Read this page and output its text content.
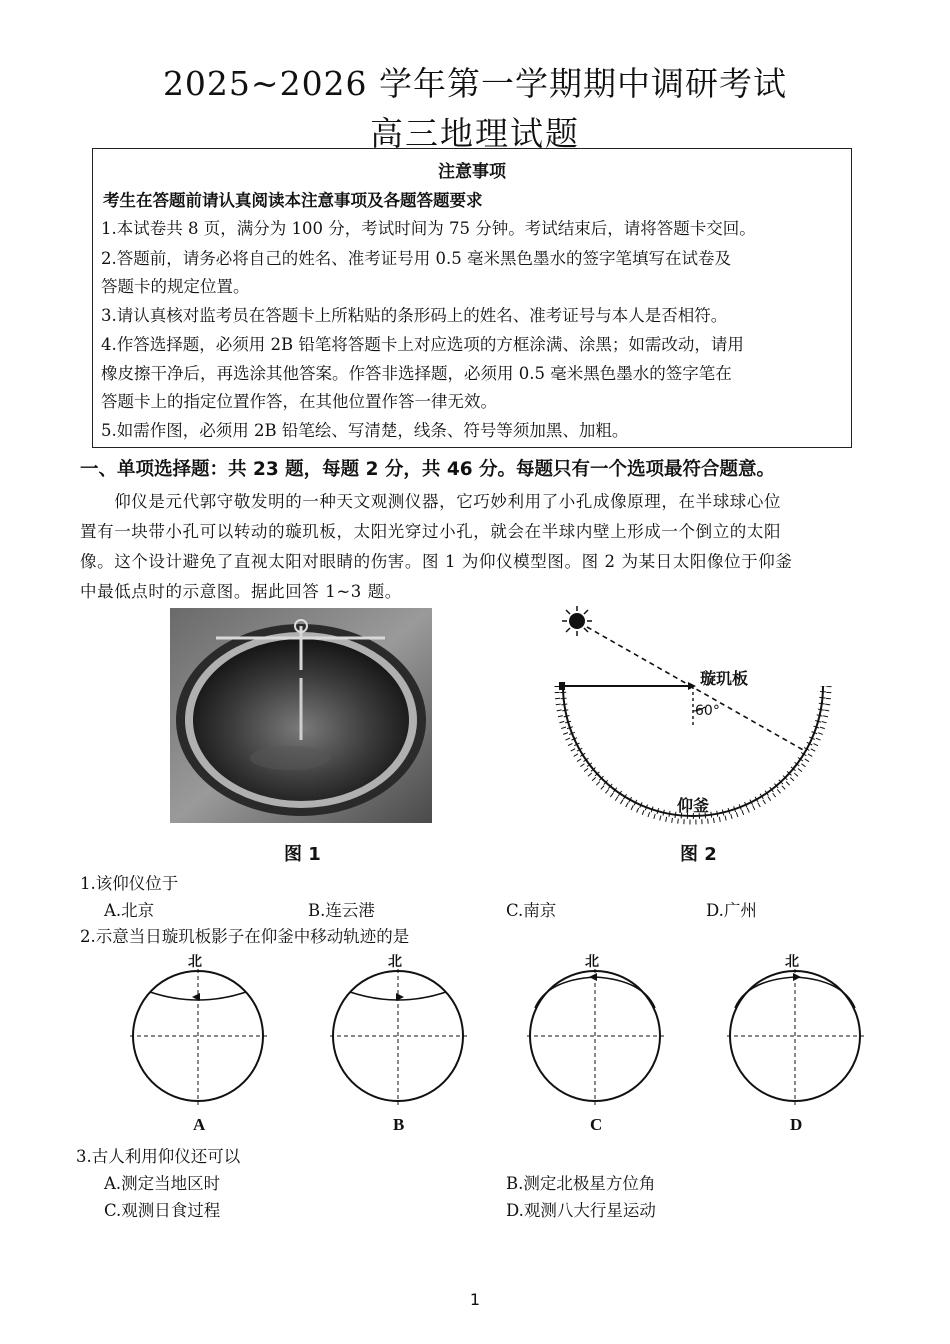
2025~2026 学年第一学期期中调研考试
高三地理试题
注意事项
考生在答题前请认真阅读本注意事项及各题答题要求
1.本试卷共 8 页，满分为 100 分，考试时间为 75 分钟。考试结束后，请将答题卡交回。
2.答题前，请务必将自己的姓名、准考证号用 0.5 毫米黑色墨水的签字笔填写在试卷及
答题卡的规定位置。
3.请认真核对监考员在答题卡上所粘贴的条形码上的姓名、准考证号与本人是否相符。
4.作答选择题，必须用 2B 铅笔将答题卡上对应选项的方框涂满、涂黑；如需改动，请用
橡皮擦干净后，再选涂其他答案。作答非选择题，必须用 0.5 毫米黑色墨水的签字笔在
答题卡上的指定位置作答，在其他位置作答一律无效。
5.如需作图，必须用 2B 铅笔绘、写清楚，线条、符号等须加黑、加粗。
一、单项选择题：共 23 题，每题 2 分，共 46 分。每题只有一个选项最符合题意。
　　仰仪是元代郭守敬发明的一种天文观测仪器，它巧妙利用了小孔成像原理，在半球球心位
置有一块带小孔可以转动的璇玑板，太阳光穿过小孔，就会在半球内壁上形成一个倒立的太阳
像。这个设计避免了直视太阳对眼睛的伤害。图 1 为仰仪模型图。图 2 为某日太阳像位于仰釜
中最低点时的示意图。据此回答 1~3 题。
图 1
璇玑板
60°
仰釜
图 2
1.该仰仪位于
A.北京	B.连云港	C.南京	D.广州
2.示意当日璇玑板影子在仰釜中移动轨迹的是
北	北	北	北
A	B	C	D
3.古人利用仰仪还可以
A.测定当地区时	B.测定北极星方位角
C.观测日食过程	D.观测八大行星运动
1
